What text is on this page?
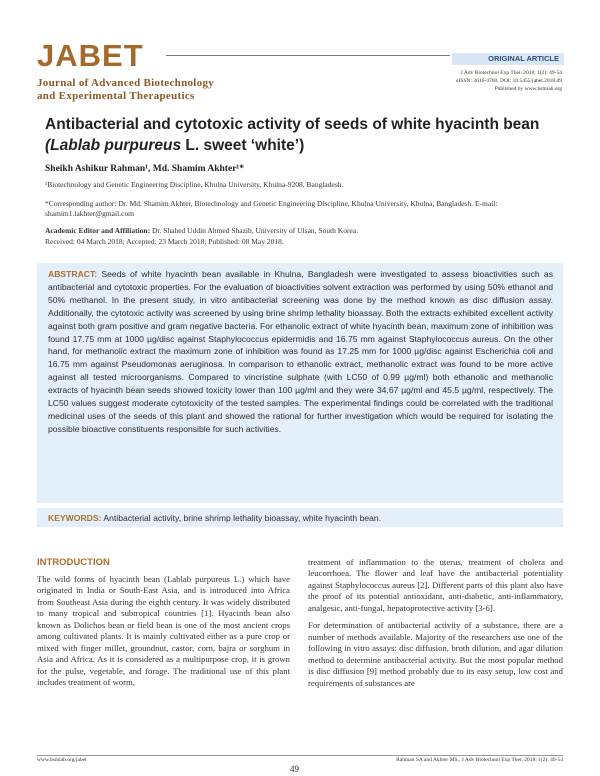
JABET
Journal of Advanced Biotechnology
and Experimental Therapeutics
ORIGINAL ARTICLE
J Adv Biotechnol Exp Ther. 2018; 1(2): 49-54
eISSN: 2616-4760, DOI: 10.5455/jabet.2018.d9
Published by www.bsmiab.org
Antibacterial and cytotoxic activity of seeds of white hyacinth bean
(Lablab purpureus L. sweet ‘white’)
Sheikh Ashikur Rahman¹, Md. Shamim Akhter¹*
¹Biotechnology and Genetic Engineering Discipline, Khulna University, Khulna-9208, Bangladesh.
*Corresponding author: Dr. Md. Shamim Akhter, Biotechnology and Genetic Engineering Discipline, Khulna University, Khulna, Bangladesh. E-mail: shamim1.lakhter@gmail.com
Academic Editor and Affiliation: Dr. Shahed Uddin Ahmed Shazib, University of Ulsan, South Korea.
Received: 04 March 2018; Accepted: 23 March 2018; Published: 08 May 2018.
ABSTRACT: Seeds of white hyacinth bean available in Khulna, Bangladesh were investigated to assess bioactivities such as antibacterial and cytotoxic properties. For the evaluation of bioactivities solvent extraction was performed by using 50% ethanol and 50% methanol. In the present study, in vitro antibacterial screening was done by the method known as disc diffusion assay. Additionally, the cytotoxic activity was screened by using brine shrimp lethality bioassay. Both the extracts exhibited excellent activity against both gram positive and gram negative bacteria. For ethanolic extract of white hyacinth bean, maximum zone of inhibition was found 17.75 mm at 1000 µg/disc against Staphylococcus epidermidis and 16.75 mm against Staphylococcus aureus. On the other hand, for methanolic extract the maximum zone of inhibition was found as 17.25 mm for 1000 µg/disc against Escherichia coli and 16.75 mm against Pseudomonas aeruginosa. In comparison to ethanolic extract, methanolic extract was found to be more active against all tested microorganisms. Compared to vincristine sulphate (with LC50 of 0.99 µg/ml) both ethanolic and methanolic extracts of hyacinth bean seeds showed toxicity lower than 100 µg/ml and they were 34.67 µg/ml and 45.5 µg/ml, respectively. The LC50 values suggest moderate cytotoxicity of the tested samples. The experimental findings could be correlated with the traditional medicinal uses of the seeds of this plant and showed the rational for further investigation which would be required for isolating the possible bioactive constituents responsible for such activities.
KEYWORDS: Antibacterial activity, brine shrimp lethality bioassay, white hyacinth bean.
INTRODUCTION

The wild forms of hyacinth bean (Lablab purpureus L.) which have originated in India or South-East Asia, and is introduced into Africa from Southeast Asia during the eighth century. It was widely distributed to many tropical and subtropical countries [1]. Hyacinth bean also known as Dolichos bean or field bean is one of the most ancient crops among cultivated plants. It is mainly cultivated either as a pure crop or mixed with finger millet, groundnut, castor, corn, bajra or sorghum in Asia and Africa. As it is considered as a multipurpose crop, it is grown for the pulse, vegetable, and forage. The traditional use of this plant includes treatment of worm,

treatment of inflammation to the uterus, treatment of cholera and leucorrhoea. The flower and leaf have the antibacterial potentiality against Staphylococcus aureus [2]. Different parts of this plant also have the proof of its potential antioxidant, anti-diabetic, anti-inflammatory, analgesic, anti-fungal, hepatoprotective activity [3-6].

For determination of antibacterial activity of a substance, there are a number of methods available. Majority of the researchers use one of the following in vitro assays: disc diffusion, broth dilution, and agar dilution method to determine antibacterial activity. But the most popular method is disc diffusion [9] method probably due to its easy setup, low cost and requirements of substances are

www.bsmiab.org/jabet	Rahman SA and Akhter MS., J Adv Biotechnol Exp Ther. 2018; 1(2): 49-54
49
